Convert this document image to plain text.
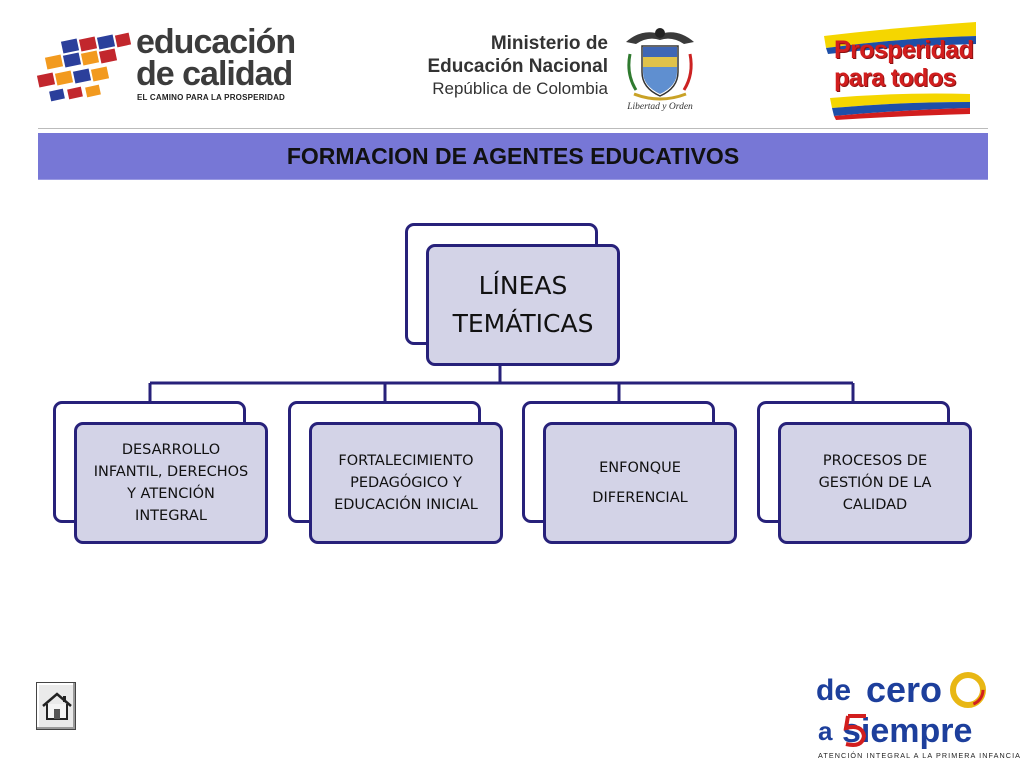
educación
de calidad
EL CAMINO PARA LA PROSPERIDAD
Ministerio de
Educación Nacional
República de Colombia
Libertad y Orden
Prosperidad
para todos
FORMACION DE AGENTES EDUCATIVOS
LÍNEAS
TEMÁTICAS
DESARROLLO
INFANTIL, DERECHOS
Y ATENCIÓN
INTEGRAL
FORTALECIMIENTO
PEDAGÓGICO Y
EDUCACIÓN INICIAL
ENFONQUE
DIFERENCIAL
PROCESOS DE
GESTIÓN DE LA
CALIDAD
de cero
a siempre
ATENCIÓN INTEGRAL A LA PRIMERA INFANCIA
